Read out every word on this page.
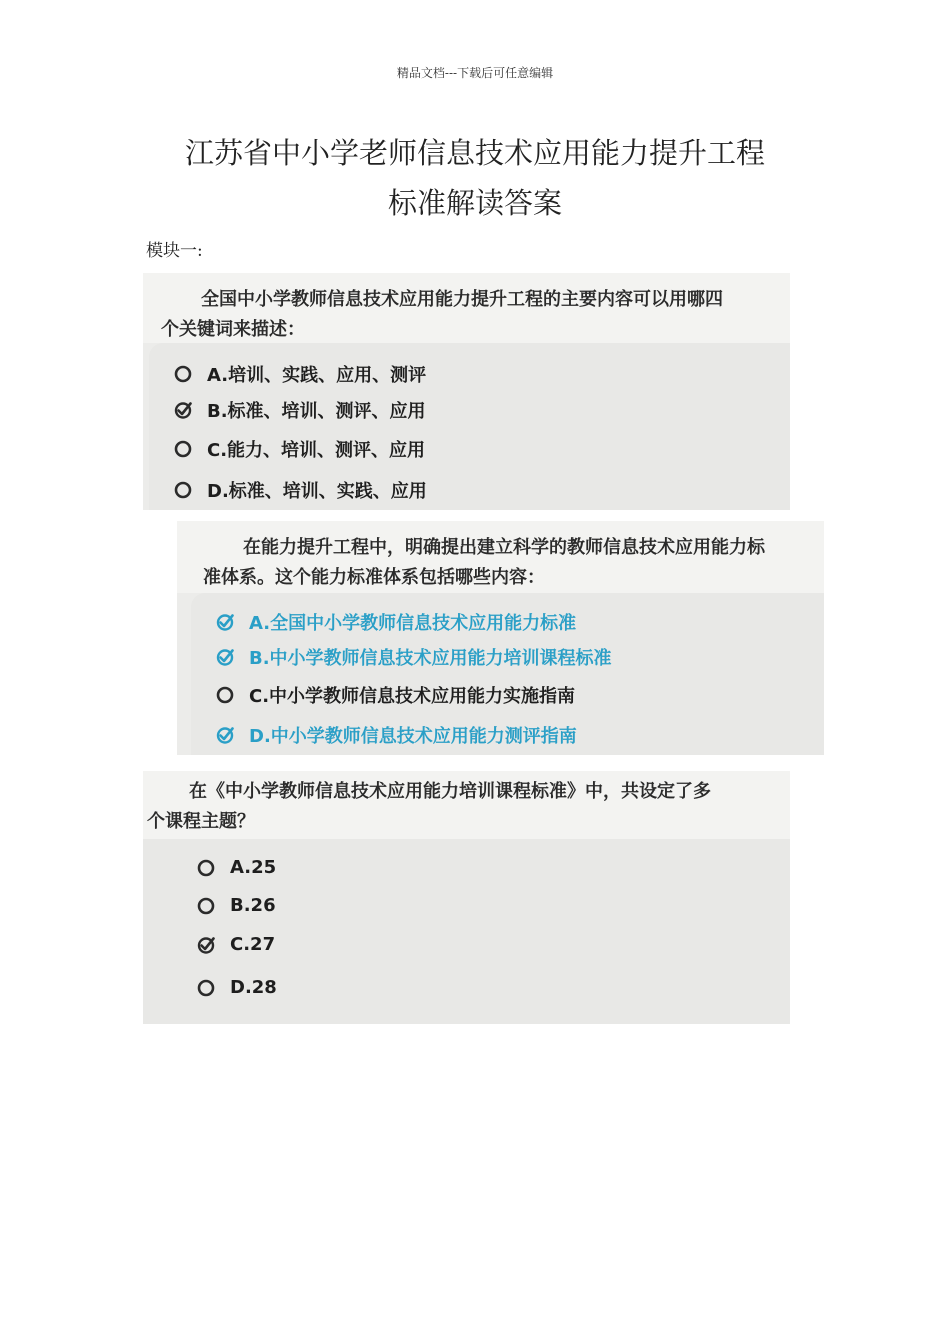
精品文档---下载后可任意编辑
江苏省中小学老师信息技术应用能力提升工程
标准解读答案
模块一:
全国中小学教师信息技术应用能力提升工程的主要内容可以用哪四
个关键词来描述：
A.培训、实践、应用、测评
B.标准、培训、测评、应用
C.能力、培训、测评、应用
D.标准、培训、实践、应用
在能力提升工程中，明确提出建立科学的教师信息技术应用能力标
准体系。这个能力标准体系包括哪些内容：
A.全国中小学教师信息技术应用能力标准
B.中小学教师信息技术应用能力培训课程标准
C.中小学教师信息技术应用能力实施指南
D.中小学教师信息技术应用能力测评指南
在《中小学教师信息技术应用能力培训课程标准》中，共设定了多
个课程主题？
A.25
B.26
C.27
D.28
